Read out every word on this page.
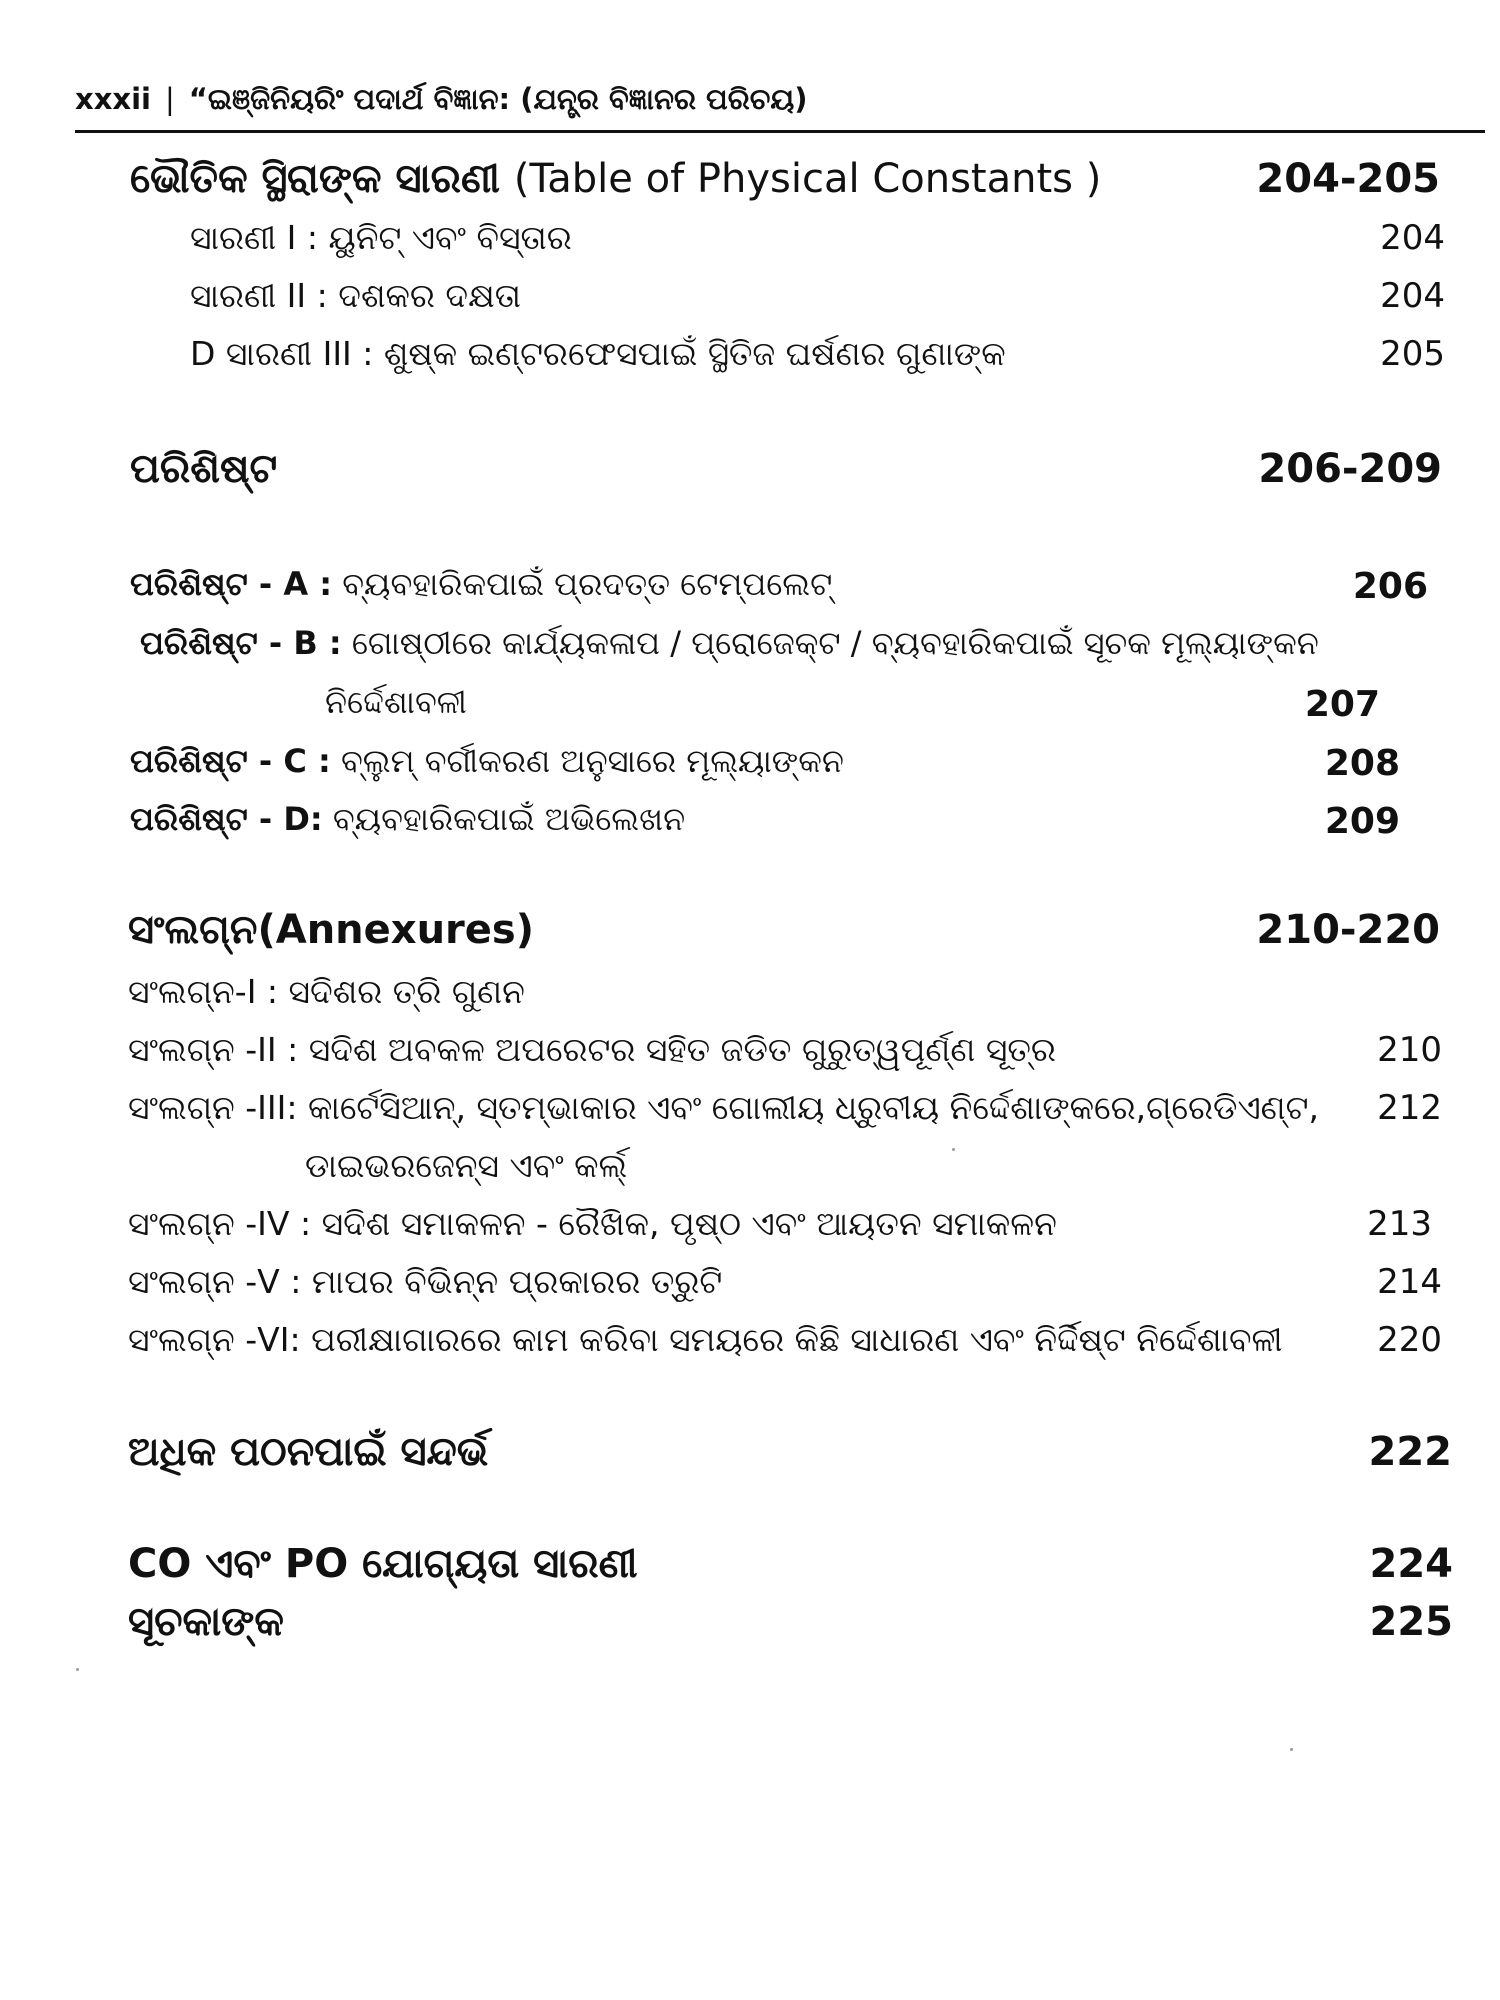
xxxii | “ଇଞ୍ଜିନିୟରିଂ ପଦାର୍ଥ ବିଜ୍ଞାନ: (ଯନ୍ତ୍ର ବିଜ୍ଞାନର ପରିଚୟ)
ଭୌତିକ ସ୍ଥିରାଙ୍କ ସାରଣୀ (Table of Physical Constants )	204-205
ସାରଣୀ I : ୟୁନିଟ୍ ଏବଂ ବିସ୍ତାର	204
ସାରଣୀ II : ଦଶକର ଦକ୍ଷତା	204
D ସାରଣୀ III : ଶୁଷ୍କ ଇଣ୍ଟରଫେସପାଇଁ ସ୍ଥିତିଜ ଘର୍ଷଣର ଗୁଣାଙ୍କ	205
ପରିଶିଷ୍ଟ	206-209
ପରିଶିଷ୍ଟ - A : ବ୍ୟବହାରିକପାଇଁ ପ୍ରଦତ୍ତ ଟେମ୍ପଲେଟ୍	206
ପରିଶିଷ୍ଟ - B : ଗୋଷ୍ଠୀରେ କାର୍ଯ୍ୟକଳାପ / ପ୍ରୋଜେକ୍ଟ / ବ୍ୟବହାରିକପାଇଁ ସୂଚକ ମୂଲ୍ୟାଙ୍କନ
ନିର୍ଦ୍ଦେଶାବଳୀ	207
ପରିଶିଷ୍ଟ - C : ବ୍ଲୁମ୍ ବର୍ଗୀକରଣ ଅନୁସାରେ ମୂଲ୍ୟାଙ୍କନ	208
ପରିଶିଷ୍ଟ - D: ବ୍ୟବହାରିକପାଇଁ ଅଭିଲେଖନ	209
ସଂଲଗ୍ନ(Annexures)	210-220
ସଂଲଗ୍ନ-I : ସଦିଶର ତ୍ରି ଗୁଣନ
ସଂଲଗ୍ନ -II : ସଦିଶ ଅବକଳ ଅପରେଟର ସହିତ ଜଡିତ ଗୁରୁତ୍ୱପୂର୍ଣ୍ଣ ସୂତ୍ର	210
ସଂଲଗ୍ନ -III: କାର୍ଟେସିଆନ୍, ସ୍ତମ୍ଭାକାର ଏବଂ ଗୋଲୀୟ ଧ୍ରୁବୀୟ ନିର୍ଦ୍ଦେଶାଙ୍କରେ,ଗ୍ରେଡିଏଣ୍ଟ, 212
ଡାଇଭରଜେନ୍ସ ଏବଂ କର୍ଲ୍
ସଂଲଗ୍ନ -IV : ସଦିଶ ସମାକଳନ - ରୈଖିକ, ପୃଷ୍ଠ ଏବଂ ଆୟତନ ସମାକଳନ	213
ସଂଲଗ୍ନ -V : ମାପର ବିଭିନ୍ନ ପ୍ରକାରର ତ୍ରୁଟି	214
ସଂଲଗ୍ନ -VI: ପରୀକ୍ଷାଗାରରେ କାମ କରିବା ସମୟରେ କିଛି ସାଧାରଣ ଏବଂ ନିର୍ଦ୍ଦିଷ୍ଟ ନିର୍ଦ୍ଦେଶାବଳୀ	220
ଅଧିକ ପଠନପାଇଁ ସନ୍ଦର୍ଭ	222
CO ଏବଂ PO ଯୋଗ୍ୟତା ସାରଣୀ	224
ସୂଚକାଙ୍କ	225
